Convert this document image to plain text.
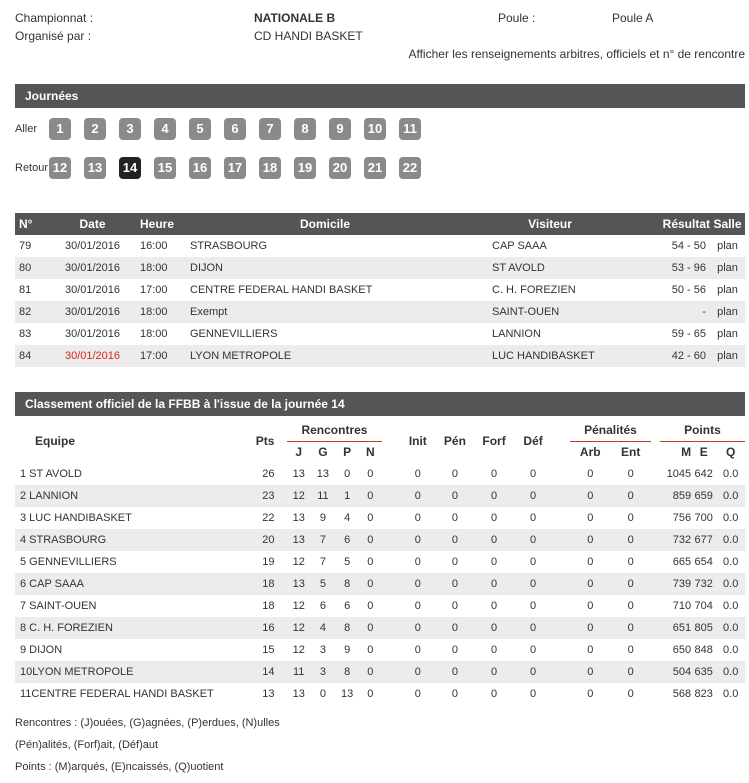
Championnat :	NATIONALE B	Poule :	Poule A
Organisé par :	CD HANDI BASKET
Afficher les renseignements arbitres, officiels et n° de rencontre
Journées
Aller
Retour
1	2	3	4	5	6	7	8	9	10	11
12 13 14 15 16 17 18 19 20 21 22
N°	Date	Heure	Domicile	Visiteur	Résultat	Salle
79	30/01/2016	16:00	STRASBOURG	CAP SAAA	54 - 50	plan
80	30/01/2016	18:00	DIJON	ST AVOLD	53 - 96	plan
81	30/01/2016	17:00	CENTRE FEDERAL HANDI BASKET	C. H. FOREZIEN	50 - 56	plan
82	30/01/2016	18:00	Exempt	SAINT-OUEN	-	plan
83	30/01/2016	18:00	GENNEVILLIERS	LANNION	59 - 65	plan
84	30/01/2016	17:00	LYON METROPOLE	LUC HANDIBASKET	42 - 60	plan
Classement officiel de la FFBB à l'issue de la journée 14
Equipe	Pts		Rencontres					Init	Pén	Forf	Déf		Pénalités			Points		
			J	G	P	N							Arb	Ent		M	E	Q
1 ST AVOLD	26		13	13	0	0		0	0	0	0		0	0		1045	642	0.0
2 LANNION	23		12	11	1	0		0	0	0	0		0	0		859	659	0.0
3 LUC HANDIBASKET	22		13	9	4	0		0	0	0	0		0	0		756	700	0.0
4 STRASBOURG	20		13	7	6	0		0	0	0	0		0	0		732	677	0.0
5 GENNEVILLIERS	19		12	7	5	0		0	0	0	0		0	0		665	654	0.0
6 CAP SAAA	18		13	5	8	0		0	0	0	0		0	0		739	732	0.0
7 SAINT-OUEN	18		12	6	6	0		0	0	0	0		0	0		710	704	0.0
8 C. H. FOREZIEN	16		12	4	8	0		0	0	0	0		0	0		651	805	0.0
9 DIJON	15		12	3	9	0		0	0	0	0		0	0		650	848	0.0
10LYON METROPOLE	14		11	3	8	0		0	0	0	0		0	0		504	635	0.0
11CENTRE FEDERAL HANDI BASKET	13		13	0	13	0		0	0	0	0		0	0		568	823	0.0
Rencontres : (J)ouées, (G)agnées, (P)erdues, (N)ulles
(Pén)alités, (Forf)ait, (Déf)aut
Points : (M)arqués, (E)ncaissés, (Q)uotient
